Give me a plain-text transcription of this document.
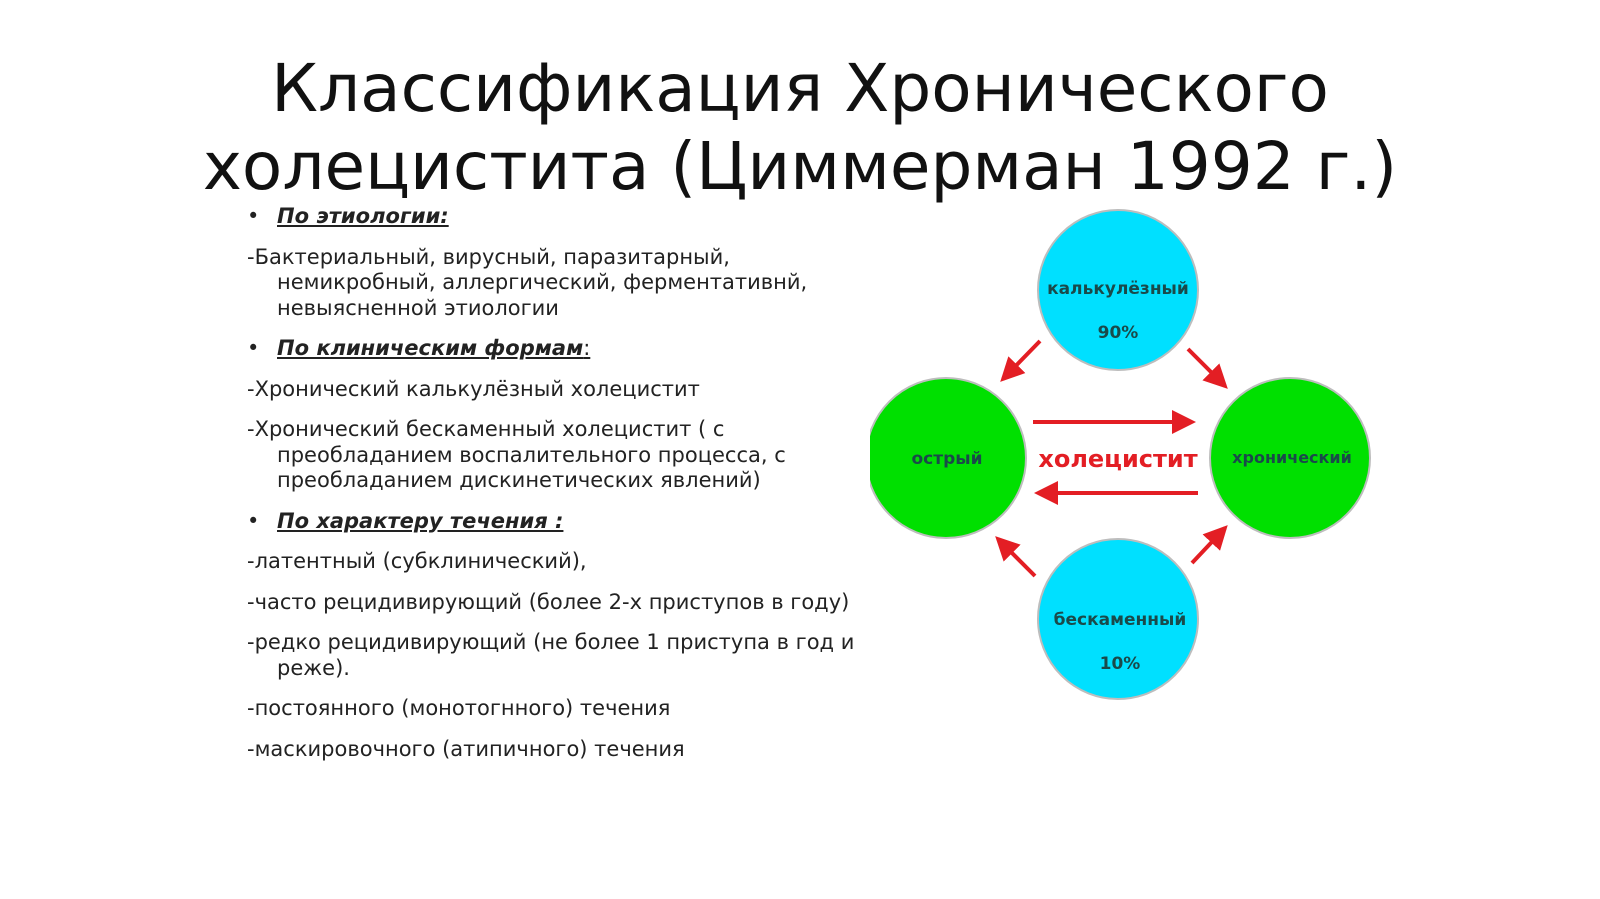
Классификация Хронического
холецистита (Циммерман 1992 г.)

• По этиологии:

-Бактериальный, вирусный, паразитарный, немикробный, аллергический, ферментативнй, невыясненной этиологии

• По клиническим формам:

-Хронический калькулёзный холецистит

-Хронический бескаменный холецистит ( с преобладанием воспалительного процесса, с преобладанием дискинетических явлений)

• По характеру течения :

-латентный (субклинический),

-часто рецидивирующий (более 2-х приступов в году)

-редко рецидивирующий (не более 1 приступа в год и реже).

-постоянного (монотогнного) течения

-маскировочного (атипичного) течения

калькулёзный
90%
бескаменный
10%
острый	хронический
холецистит
